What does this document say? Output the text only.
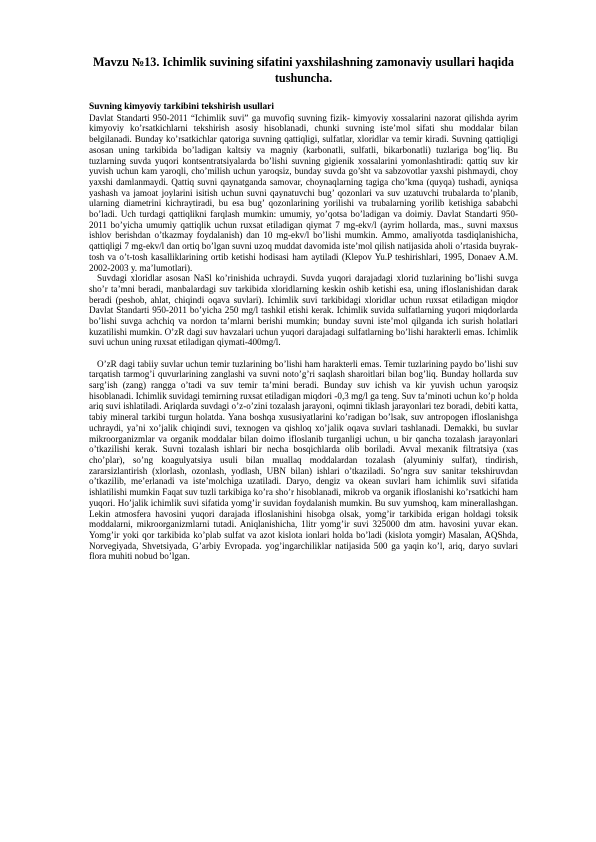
Mavzu №13. Ichimlik suvining sifatini yaxshilashning zamonaviy usullari haqida tushuncha.
Suvning kimyoviy tarkibini tekshirish usullari

Davlat Standarti 950-2011 “Ichimlik suvi” ga muvofiq suvning fizik- kimyoviy xossalarini nazorat qilishda ayrim kimyoviy ko’rsatkichlarni tekshirish asosiy hisoblanadi, chunki suvning iste’mol sifati shu moddalar bilan belgilanadi. Bunday ko’rsatkichlar qatoriga suvning qattiqligi, sulfatlar, xloridlar va temir kiradi. Suvning qattiqligi asosan uning tarkibida bo’ladigan kaltsiy va magniy (karbonatli, sulfatli, bikarbonatli) tuzlariga bog’liq. Bu tuzlarning suvda yuqori kontsentratsiyalarda bo’lishi suvning gigienik xossalarini yomonlashtiradi: qattiq suv kir yuvish uchun kam yaroqli, cho’milish uchun yaroqsiz, bunday suvda go’sht va sabzovotlar yaxshi pishmaydi, choy yaxshi damlanmaydi. Qattiq suvni qaynatganda samovar, choynaqlarning tagiga cho’kma (quyqa) tushadi, ayniqsa yashash va jamoat joylarini isitish uchun suvni qaynatuvchi bug’ qozonlari va suv uzatuvchi trubalarda to’planib, ularning diametrini kichraytiradi, bu esa bug’ qozonlarining yorilishi va trubalarning yorilib ketishiga sababchi bo’ladi. Uch turdagi qattiqlikni farqlash mumkin: umumiy, yo’qotsa bo’ladigan va doimiy. Davlat Standarti 950-2011 bo’yicha umumiy qattiqlik uchun ruxsat etiladigan qiymat 7 mg-ekv/l (ayrim hollarda, mas., suvni maxsus ishlov berishdan o’tkazmay foydalanish) dan 10 mg-ekv/l bo’lishi mumkin. Ammo, amaliyotda tasdiqlanishicha, qattiqligi 7 mg-ekv/l dan ortiq bo’lgan suvni uzoq muddat davomida iste’mol qilish natijasida aholi o’rtasida buyrak-tosh va o’t-tosh kasalliklarining ortib ketishi hodisasi ham aytiladi (Klepov Yu.P teshirishlari, 1995, Donaev A.M. 2002-2003 y. ma’lumotlari).

Suvdagi xloridlar asosan NaSl ko’rinishida uchraydi. Suvda yuqori darajadagi xlorid tuzlarining bo’lishi suvga sho’r ta’mni beradi, manbalardagi suv tarkibida xloridlarning keskin oshib ketishi esa, uning ifloslanishidan darak beradi (peshob, ahlat, chiqindi oqava suvlari). Ichimlik suvi tarkibidagi xloridlar uchun ruxsat etiladigan miqdor Davlat Standarti 950-2011 bo’yicha 250 mg/l tashkil etishi kerak. Ichimlik suvida sulfatlarning yuqori miqdorlarda bo’lishi suvga achchiq va nordon ta’mlarni berishi mumkin; bunday suvni iste’mol qilganda ich surish holatlari kuzatilishi mumkin. O’zR dagi suv havzalari uchun yuqori darajadagi sulfatlarning bo’lishi harakterli emas. Ichimlik suvi uchun uning ruxsat etiladigan qiymati-400mg/l.

O’zR dagi tabiiy suvlar uchun temir tuzlarining bo’lishi ham harakterli emas. Temir tuzlarining paydo bo’lishi suv tarqatish tarmog’i quvurlarining zanglashi va suvni noto’g’ri saqlash sharoitlari bilan bog’liq. Bunday hollarda suv sarg’ish (zang) rangga o’tadi va suv temir ta’mini beradi. Bunday suv ichish va kir yuvish uchun yaroqsiz hisoblanadi. Ichimlik suvidagi temirning ruxsat etiladigan miqdori -0,3 mg/l ga teng. Suv ta’minoti uchun ko’p holda ariq suvi ishlatiladi. Ariqlarda suvdagi o’z-o’zini tozalash jarayoni, oqimni tiklash jarayonlari tez boradi, debiti katta, tabiy mineral tarkibi turgun holatda. Yana boshqa xususiyatlarini ko’radigan bo’lsak, suv antropogen ifloslanishga uchraydi, ya’ni xo’jalik chiqindi suvi, texnogen va qishloq xo’jalik oqava suvlari tashlanadi. Demakki, bu suvlar mikroorganizmlar va organik moddalar bilan doimo ifloslanib turganligi uchun, u bir qancha tozalash jarayonlari o’tkazilishi kerak. Suvni tozalash ishlari bir necha bosqichlarda olib boriladi. Avval mexanik filtratsiya (xas cho’plar), so’ng koagulyatsiya usuli bilan muallaq moddalardan tozalash (alyuminiy sulfat), tindirish, zararsizlantirish (xlorlash, ozonlash, yodlash, UBN bilan) ishlari o’tkaziladi. So’ngra suv sanitar tekshiruvdan o’tkazilib, me’erlanadi va iste’molchiga uzatiladi. Daryo, dengiz va okean suvlari ham ichimlik suvi sifatida ishlatilishi mumkin Faqat suv tuzli tarkibiga ko’ra sho’r hisoblanadi, mikrob va organik ifloslanishi ko’rsatkichi ham yuqori. Ho’jalik ichimlik suvi sifatida yomg’ir suvidan foydalanish mumkin. Bu suv yumshoq, kam minerallashgan. Lekin atmosfera havosini yuqori darajada ifloslanishini hisobga olsak, yomg’ir tarkibida erigan holdagi toksik moddalarni, mikroorganizmlarni tutadi. Aniqlanishicha, 1litr yomg’ir suvi 325000 dm atm. havosini yuvar ekan. Yomg’ir yoki qor tarkibida ko’plab sulfat va azot kislota ionlari holda bo’ladi (kislota yomgir) Masalan, AQShda, Norvegiyada, Shvetsiyada, G’arbiy Evropada. yog’ingarchiliklar natijasida 500 ga yaqin ko’l, ariq, daryo suvlari flora muhiti nobud bo’lgan.
